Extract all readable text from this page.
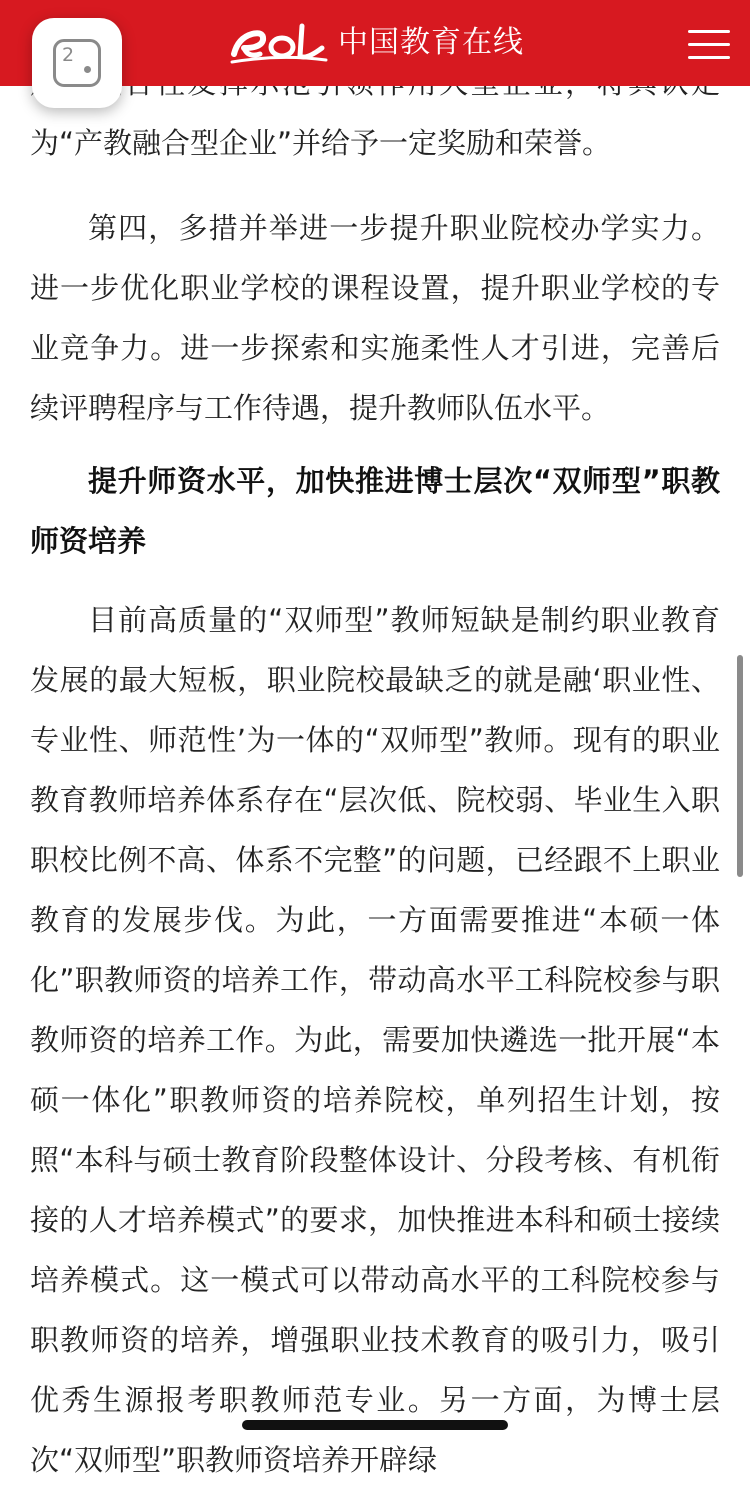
为“产教融合型企业”并给予一定奖励和荣誉。

第四，多措并举进一步提升职业院校办学实力。进一步优化职业学校的课程设置，提升职业学校的专业竞争力。进一步探索和实施柔性人才引进，完善后续评聘程序与工作待遇，提升教师队伍水平。

提升师资水平，加快推进博士层次“双师型”职教师资培养

目前高质量的“双师型”教师短缺是制约职业教育发展的最大短板，职业院校最缺乏的就是融‘职业性、专业性、师范性’为一体的“双师型”教师。现有的职业教育教师培养体系存在“层次低、院校弱、毕业生入职职校比例不高、体系不完整”的问题，已经跟不上职业教育的发展步伐。为此，一方面需要推进“本硕一体化”职教师资的培养工作，带动高水平工科院校参与职教师资的培养工作。为此，需要加快遴选一批开展“本硕一体化”职教师资的培养院校，单列招生计划，按照“本科与硕士教育阶段整体设计、分段考核、有机衔接的人才培养模式”的要求，加快推进本科和硕士接续培养模式。这一模式可以带动高水平的工科院校参与职教师资的培养，增强职业技术教育的吸引力，吸引优秀生源报考职教师范专业。另一方面，为博士层次“双师型”职教师资培养开辟绿

中国教育在线
2
